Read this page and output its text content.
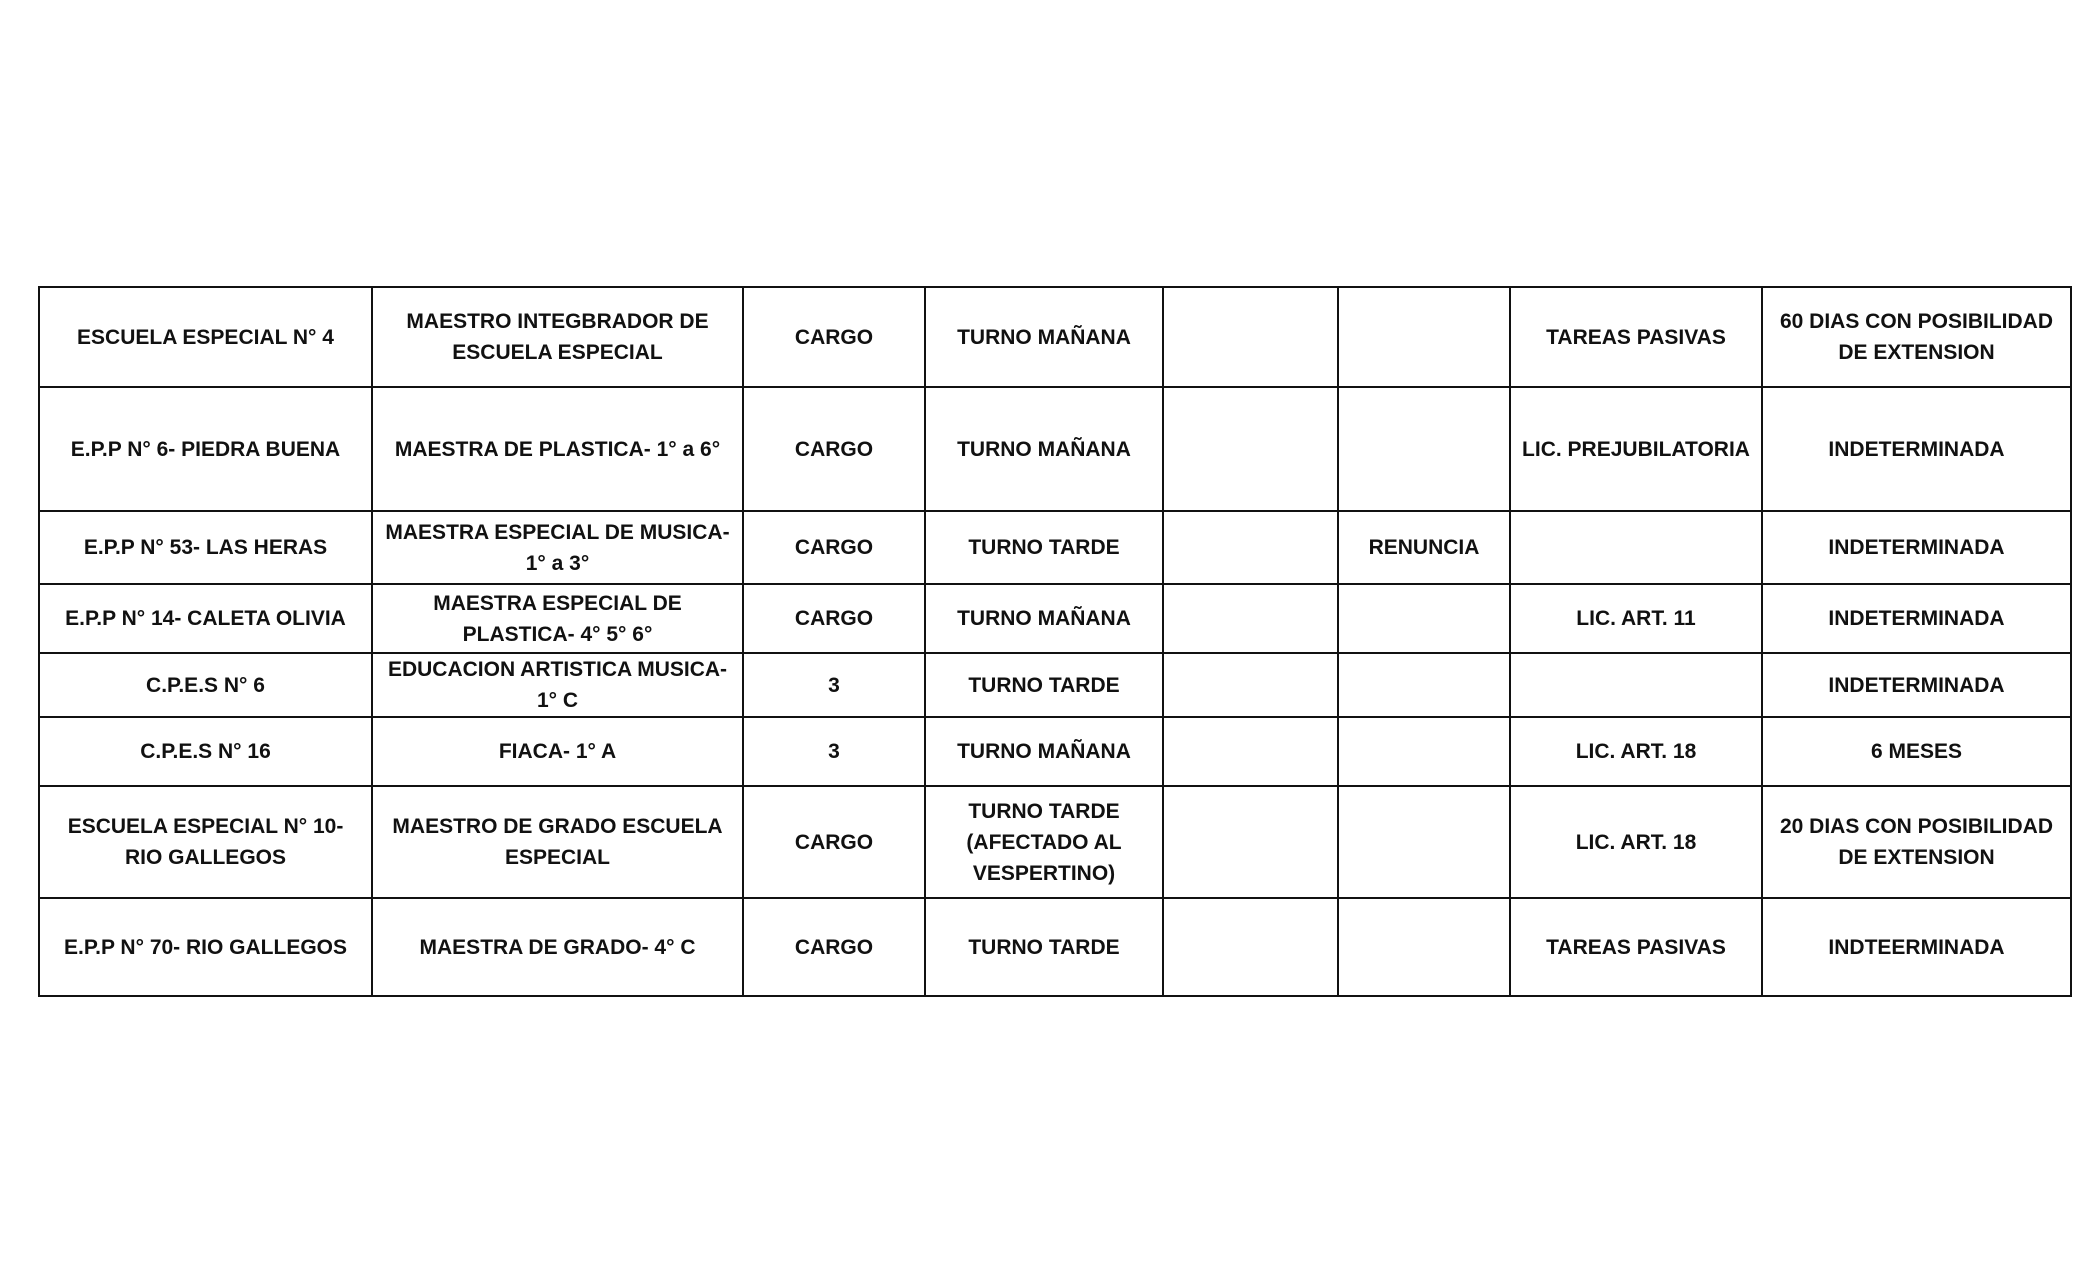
ESCUELA ESPECIAL N° 4	MAESTRO INTEGBRADOR DE ESCUELA ESPECIAL	CARGO	TURNO MAÑANA			TAREAS PASIVAS	60 DIAS CON POSIBILIDAD DE EXTENSION
E.P.P N° 6- PIEDRA BUENA	MAESTRA DE PLASTICA- 1° a 6°	CARGO	TURNO MAÑANA			LIC. PREJUBILATORIA	INDETERMINADA
E.P.P N° 53- LAS HERAS	MAESTRA ESPECIAL DE MUSICA- 1° a 3°	CARGO	TURNO TARDE		RENUNCIA		INDETERMINADA
E.P.P N° 14- CALETA OLIVIA	MAESTRA ESPECIAL DE PLASTICA- 4° 5° 6°	CARGO	TURNO MAÑANA			LIC. ART. 11	INDETERMINADA
C.P.E.S N° 6	EDUCACION ARTISTICA MUSICA- 1° C	3	TURNO TARDE				INDETERMINADA
C.P.E.S N° 16	FIACA- 1° A	3	TURNO MAÑANA			LIC. ART. 18	6 MESES
ESCUELA ESPECIAL N° 10- RIO GALLEGOS	MAESTRO DE GRADO ESCUELA ESPECIAL	CARGO	TURNO TARDE (AFECTADO AL VESPERTINO)			LIC. ART. 18	20 DIAS CON POSIBILIDAD DE EXTENSION
E.P.P N° 70- RIO GALLEGOS	MAESTRA DE GRADO- 4° C	CARGO	TURNO TARDE			TAREAS PASIVAS	INDTEERMINADA
